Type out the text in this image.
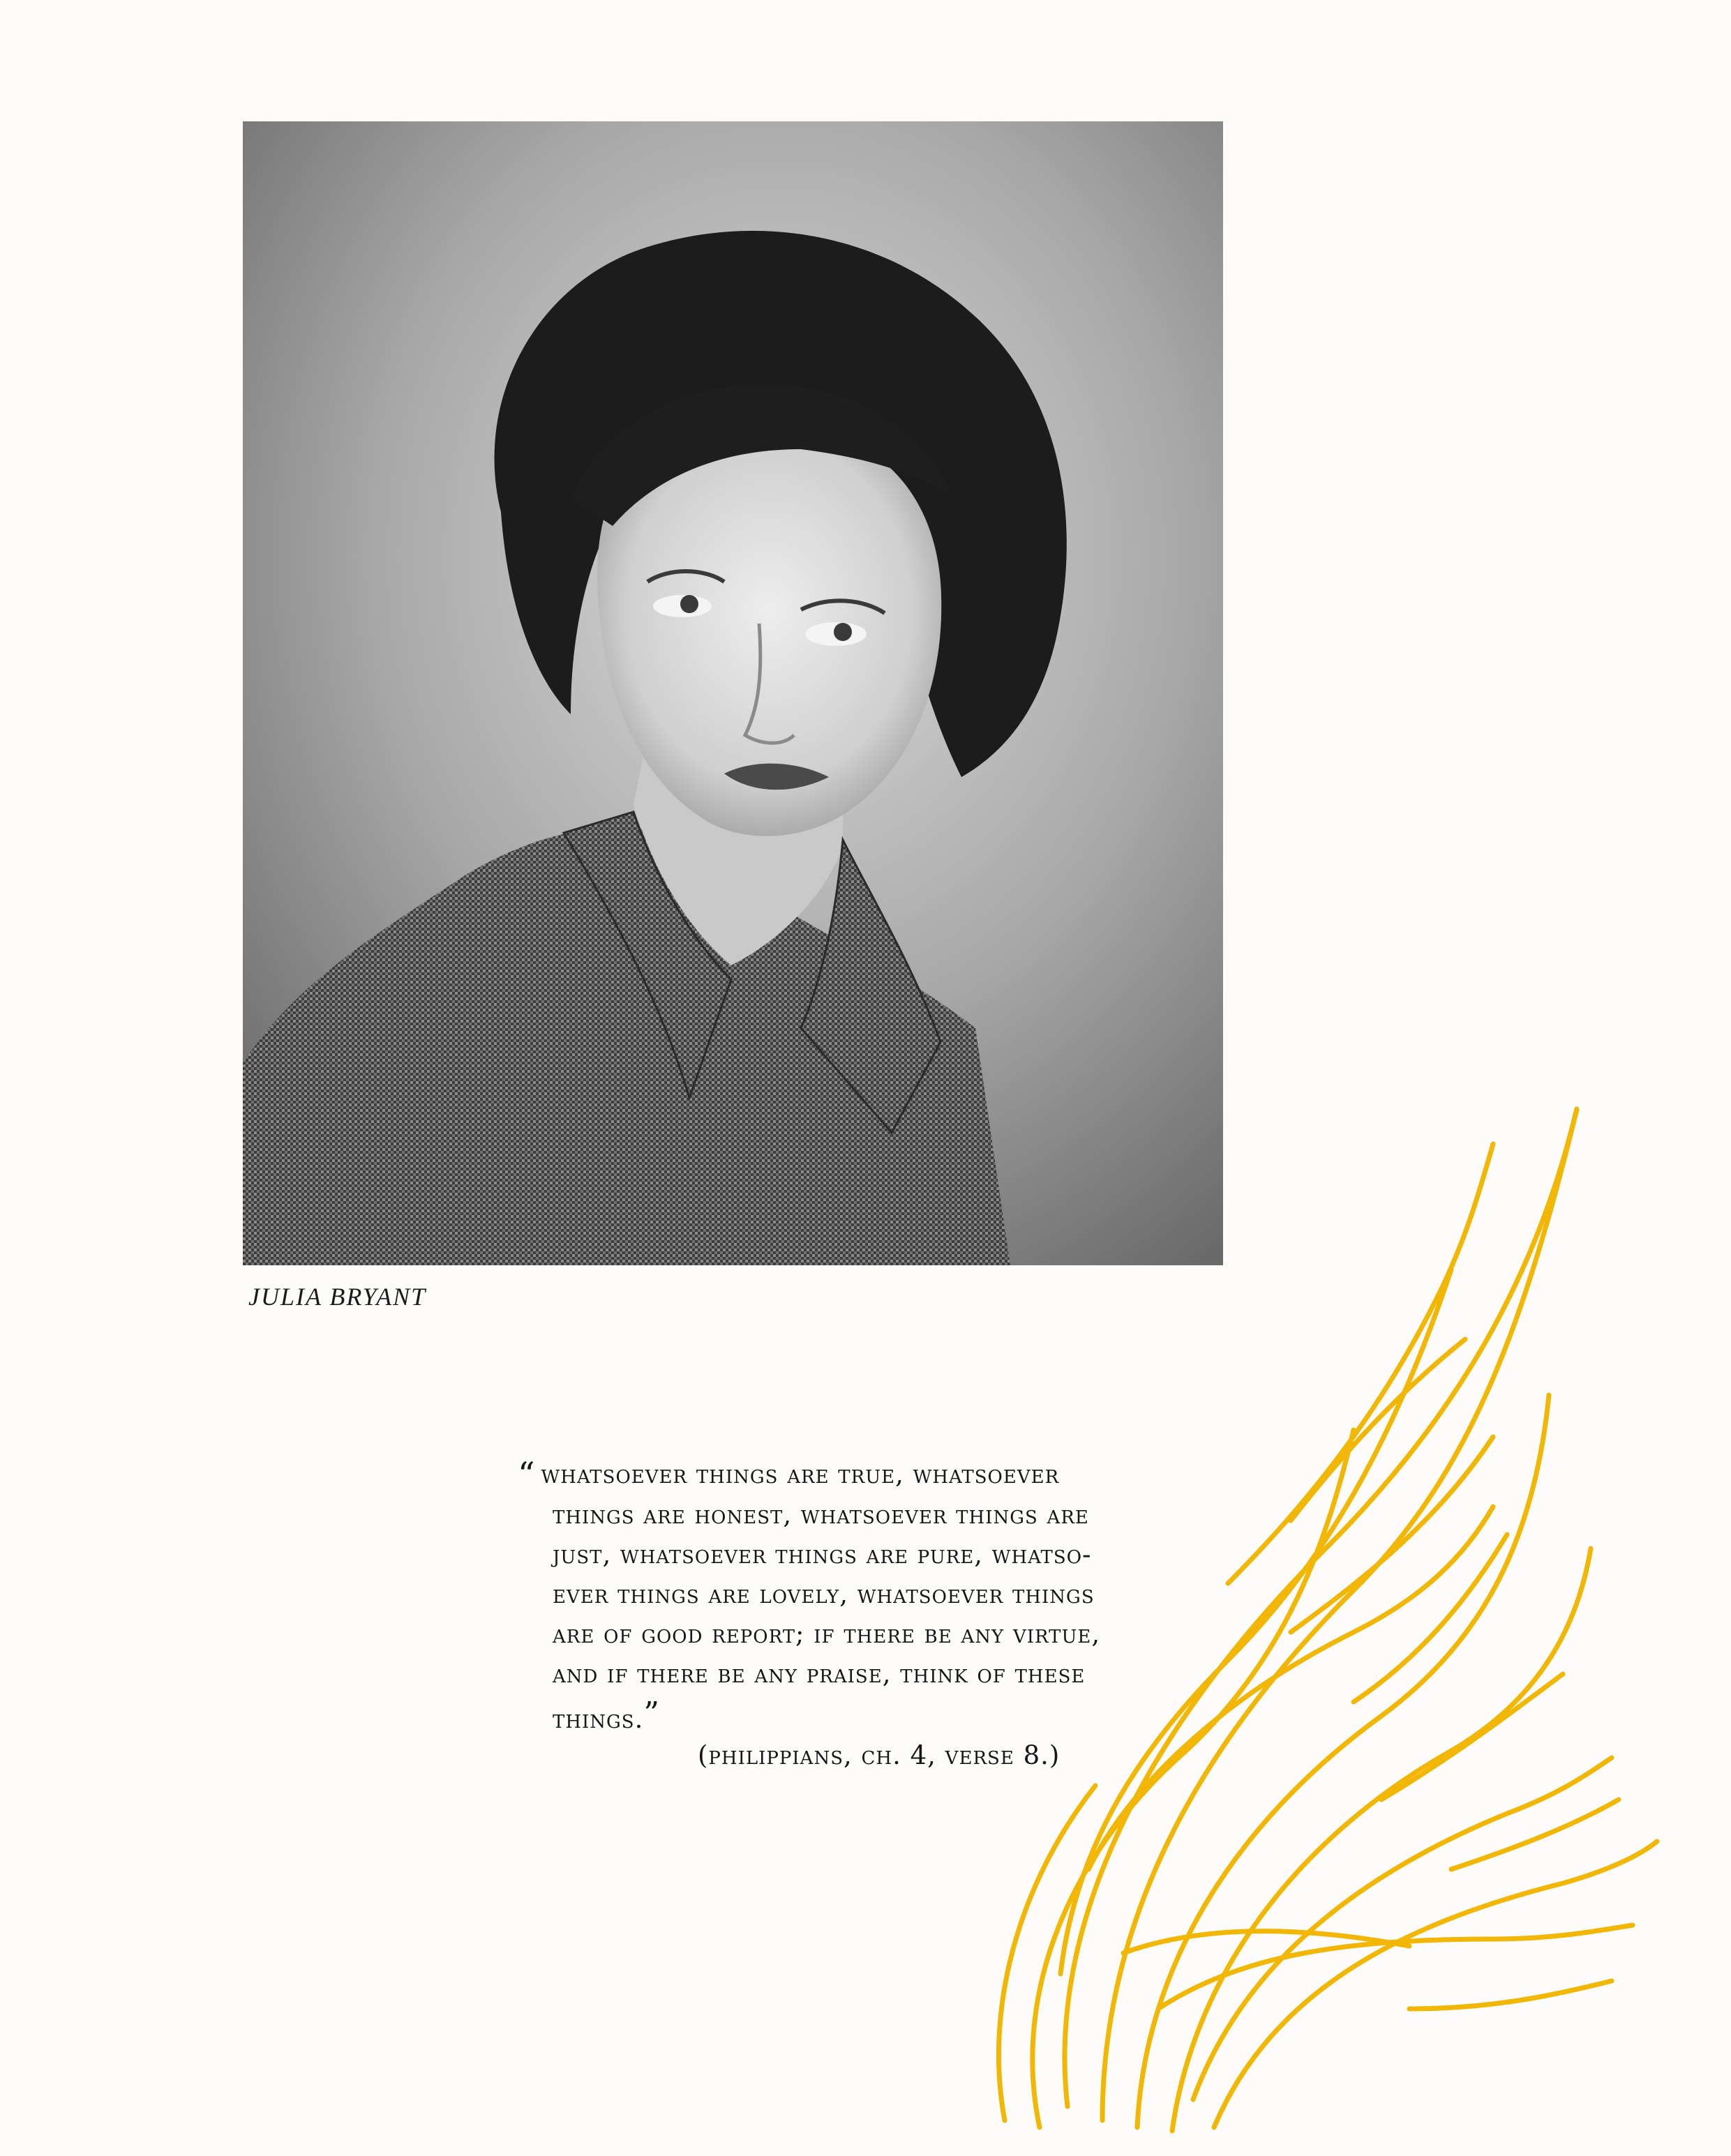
JULIA BRYANT
“ whatsoever things are true, whatsoever
things are honest, whatsoever things are
just, whatsoever things are pure, whatso-
ever things are lovely, whatsoever things
are of good report; if there be any virtue,
and if there be any praise, think of these
things.”
(philippians, ch. 4, verse 8.)
